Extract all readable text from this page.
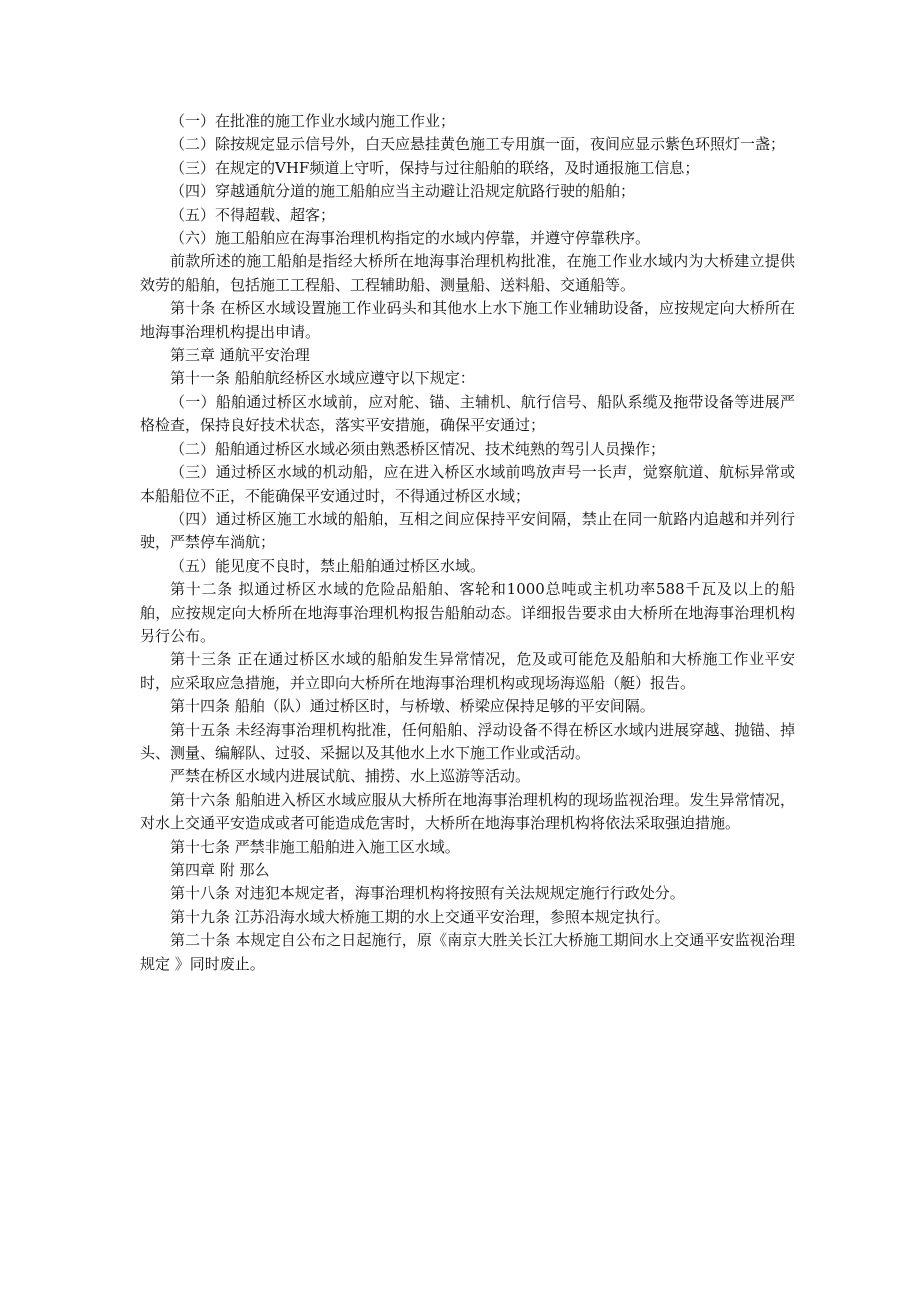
（一）在批准的施工作业水域内施工作业；

（二）除按规定显示信号外，白天应悬挂黄色施工专用旗一面，夜间应显示紫色环照灯一盏；

（三）在规定的VHF频道上守听，保持与过往船舶的联络，及时通报施工信息；

（四）穿越通航分道的施工船舶应当主动避让沿规定航路行驶的船舶；

（五）不得超载、超客；

（六）施工船舶应在海事治理机构指定的水域内停靠，并遵守停靠秩序。

前款所述的施工船舶是指经大桥所在地海事治理机构批准，在施工作业水域内为大桥建立提供效劳的船舶，包括施工工程船、工程辅助船、测量船、送料船、交通船等。

第十条 在桥区水域设置施工作业码头和其他水上水下施工作业辅助设备，应按规定向大桥所在地海事治理机构提出申请。

第三章 通航平安治理

第十一条 船舶航经桥区水域应遵守以下规定：

（一）船舶通过桥区水域前，应对舵、锚、主辅机、航行信号、船队系缆及拖带设备等进展严格检查，保持良好技术状态，落实平安措施，确保平安通过；

（二）船舶通过桥区水域必须由熟悉桥区情况、技术纯熟的驾引人员操作；

（三）通过桥区水域的机动船，应在进入桥区水域前鸣放声号一长声，觉察航道、航标异常或本船船位不正，不能确保平安通过时，不得通过桥区水域；

（四）通过桥区施工水域的船舶，互相之间应保持平安间隔，禁止在同一航路内追越和并列行驶，严禁停车淌航；

（五）能见度不良时，禁止船舶通过桥区水域。

第十二条 拟通过桥区水域的危险品船舶、客轮和1000总吨或主机功率588千瓦及以上的船舶，应按规定向大桥所在地海事治理机构报告船舶动态。详细报告要求由大桥所在地海事治理机构另行公布。

第十三条 正在通过桥区水域的船舶发生异常情况，危及或可能危及船舶和大桥施工作业平安时，应采取应急措施，并立即向大桥所在地海事治理机构或现场海巡船（艇）报告。

第十四条 船舶（队）通过桥区时，与桥墩、桥梁应保持足够的平安间隔。

第十五条 未经海事治理机构批准，任何船舶、浮动设备不得在桥区水域内进展穿越、抛锚、掉头、测量、编解队、过驳、采掘以及其他水上水下施工作业或活动。

严禁在桥区水域内进展试航、捕捞、水上巡游等活动。

第十六条 船舶进入桥区水域应服从大桥所在地海事治理机构的现场监视治理。发生异常情况，对水上交通平安造成或者可能造成危害时，大桥所在地海事治理机构将依法采取强迫措施。

第十七条 严禁非施工船舶进入施工区水域。

第四章 附 那么

第十八条 对违犯本规定者，海事治理机构将按照有关法规规定施行行政处分。

第十九条 江苏沿海水域大桥施工期的水上交通平安治理，参照本规定执行。

第二十条 本规定自公布之日起施行，原《南京大胜关长江大桥施工期间水上交通平安监视治理规定 》同时废止。
